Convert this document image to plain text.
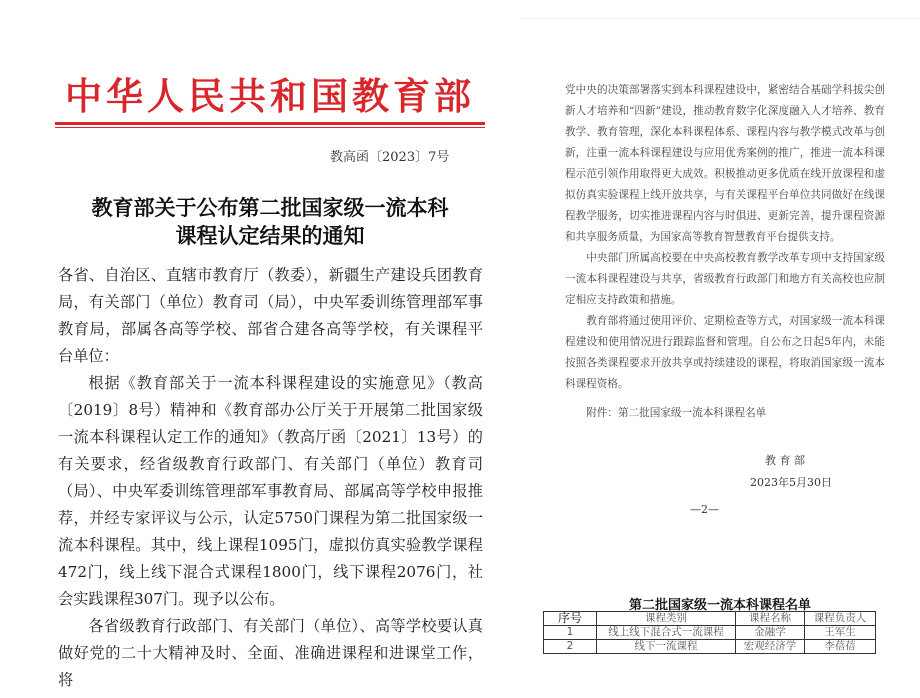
中华人民共和国教育部
教高函〔2023〕7号
教育部关于公布第二批国家级一流本科
课程认定结果的通知

各省、自治区、直辖市教育厅（教委），新疆生产建设兵团教育局，有关部门（单位）教育司（局），中央军委训练管理部军事教育局，部属各高等学校、部省合建各高等学校，有关课程平台单位：

根据《教育部关于一流本科课程建设的实施意见》（教高〔2019〕8号）精神和《教育部办公厅关于开展第二批国家级一流本科课程认定工作的通知》（教高厅函〔2021〕13号）的有关要求，经省级教育行政部门、有关部门（单位）教育司（局）、中央军委训练管理部军事教育局、部属高等学校申报推荐，并经专家评议与公示，认定5750门课程为第二批国家级一流本科课程。其中，线上课程1095门，虚拟仿真实验教学课程472门，线上线下混合式课程1800门，线下课程2076门，社会实践课程307门。现予以公布。

各省级教育行政部门、有关部门（单位）、高等学校要认真做好党的二十大精神及时、全面、准确进课程和进课堂工作，将

党中央的决策部署落实到本科课程建设中，紧密结合基础学科拔尖创新人才培养和“四新”建设，推动教育数字化深度融入人才培养、教育教学、教育管理，深化本科课程体系、课程内容与教学模式改革与创新，注重一流本科课程建设与应用优秀案例的推广，推进一流本科课程示范引领作用取得更大成效。积极推动更多优质在线开放课程和虚拟仿真实验课程上线开放共享，与有关课程平台单位共同做好在线课程教学服务，切实推进课程内容与时俱进、更新完善，提升课程资源和共享服务质量，为国家高等教育智慧教育平台提供支持。

中央部门所属高校要在中央高校教育教学改革专项中支持国家级一流本科课程建设与共享，省级教育行政部门和地方有关高校也应制定相应支持政策和措施。

教育部将通过使用评价、定期检查等方式，对国家级一流本科课程建设和使用情况进行跟踪监督和管理。自公布之日起5年内，未能按照各类课程要求开放共享或持续建设的课程，将取消国家级一流本科课程资格。

附件：第二批国家级一流本科课程名单

教 育 部
2023年5月30日
—2—
第二批国家级一流本科课程名单
序号	课程类别	课程名称	课程负责人
1	线上线下混合式一流课程	金融学	王军生
2	线下一流课程	宏观经济学	李蓓蓓
